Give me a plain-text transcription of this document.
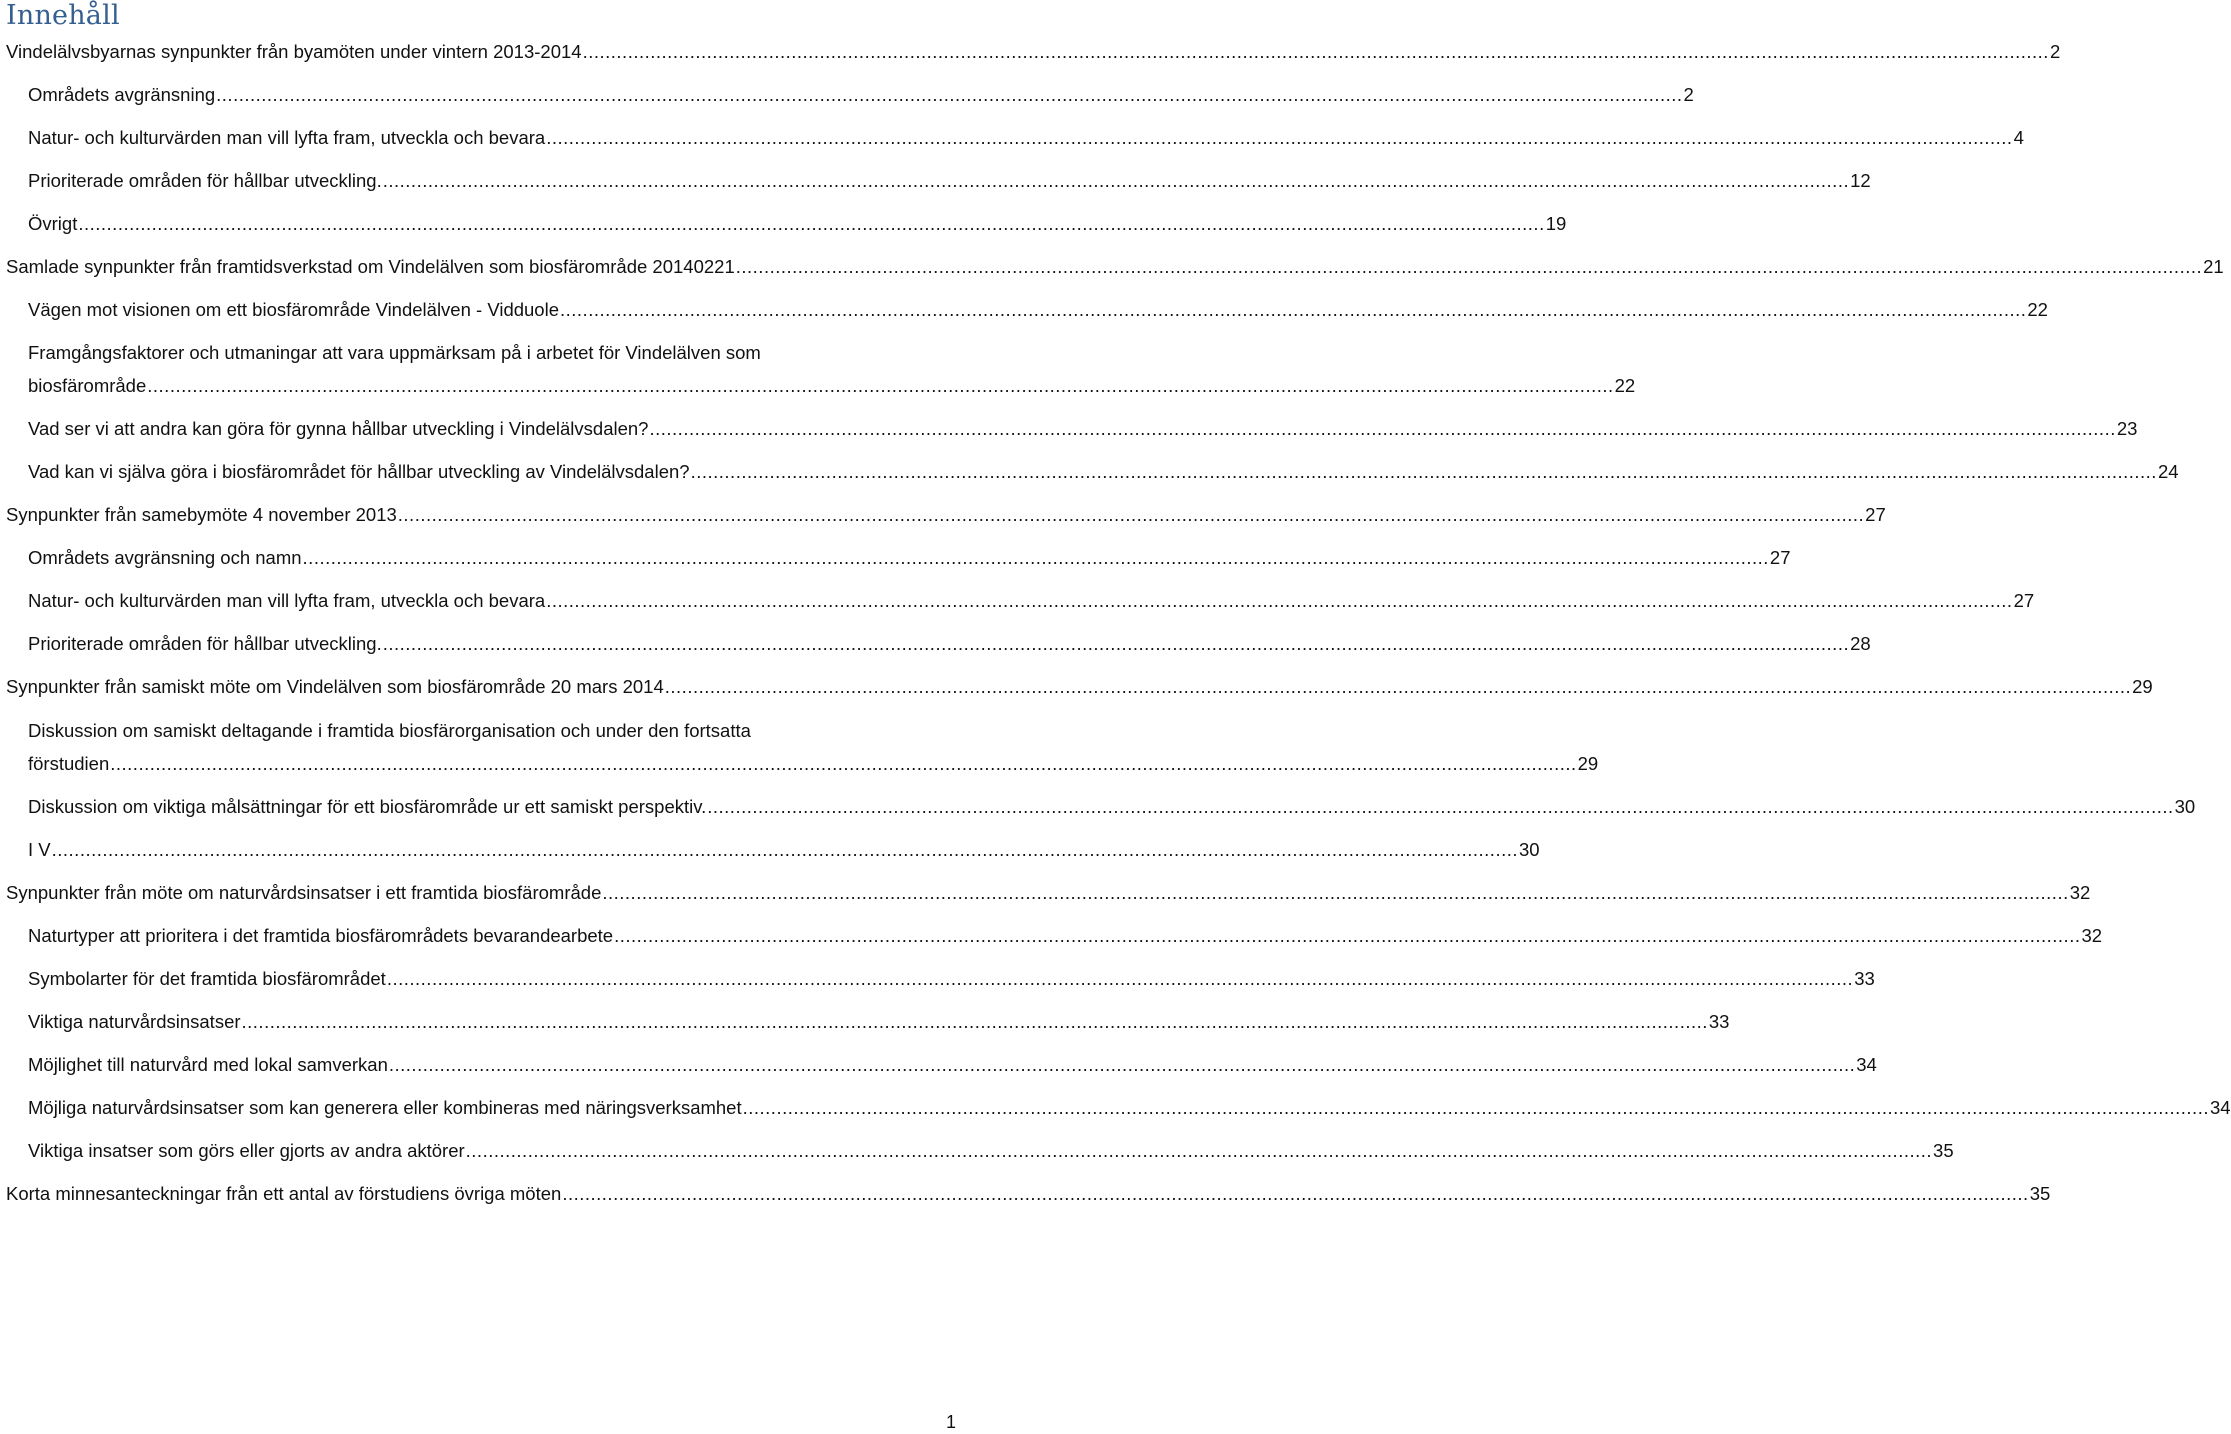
Innehåll
Vindelälvsbyarnas synpunkter från byamöten under vintern 2013-2014 .................................................................................................................................................................................................................................................................... 2
Områdets avgränsning .................................................................................................................................................................................................................................................................... 2
Natur- och kulturvärden man vill lyfta fram, utveckla och bevara .................................................................................................................................................................................................................................................................... 4
Prioriterade områden för hållbar utveckling. .................................................................................................................................................................................................................................................................... 12
Övrigt .................................................................................................................................................................................................................................................................... 19
Samlade synpunkter från framtidsverkstad om Vindelälven som biosfärområde 20140221 .................................................................................................................................................................................................................................................................... 21
Vägen mot visionen om ett biosfärområde Vindelälven - Vidduole .................................................................................................................................................................................................................................................................... 22
Framgångsfaktorer och utmaningar att vara uppmärksam på i arbetet för Vindelälven som
biosfärområde .................................................................................................................................................................................................................................................................... 22
Vad ser vi att andra kan göra för gynna hållbar utveckling i Vindelälvsdalen? .................................................................................................................................................................................................................................................................... 23
Vad kan vi själva göra i biosfärområdet för hållbar utveckling av Vindelälvsdalen? .................................................................................................................................................................................................................................................................... 24
Synpunkter från samebymöte 4 november 2013 .................................................................................................................................................................................................................................................................... 27
Områdets avgränsning och namn .................................................................................................................................................................................................................................................................... 27
Natur- och kulturvärden man vill lyfta fram, utveckla och bevara .................................................................................................................................................................................................................................................................... 27
Prioriterade områden för hållbar utveckling. .................................................................................................................................................................................................................................................................... 28
Synpunkter från samiskt möte om Vindelälven som biosfärområde 20 mars 2014 .................................................................................................................................................................................................................................................................... 29
Diskussion om samiskt deltagande i framtida biosfärorganisation och under den fortsatta
förstudien .................................................................................................................................................................................................................................................................... 29
Diskussion om viktiga målsättningar för ett biosfärområde ur ett samiskt perspektiv. .................................................................................................................................................................................................................................................................... 30
I V .................................................................................................................................................................................................................................................................... 30
Synpunkter från möte om naturvårdsinsatser i ett framtida biosfärområde .................................................................................................................................................................................................................................................................... 32
Naturtyper att prioritera i det framtida biosfärområdets bevarandearbete .................................................................................................................................................................................................................................................................... 32
Symbolarter för det framtida biosfärområdet .................................................................................................................................................................................................................................................................... 33
Viktiga naturvårdsinsatser .................................................................................................................................................................................................................................................................... 33
Möjlighet till naturvård med lokal samverkan .................................................................................................................................................................................................................................................................... 34
Möjliga naturvårdsinsatser som kan generera eller kombineras med näringsverksamhet .................................................................................................................................................................................................................................................................... 34
Viktiga insatser som görs eller gjorts av andra aktörer .................................................................................................................................................................................................................................................................... 35
Korta minnesanteckningar från ett antal av förstudiens övriga möten .................................................................................................................................................................................................................................................................... 35
1
